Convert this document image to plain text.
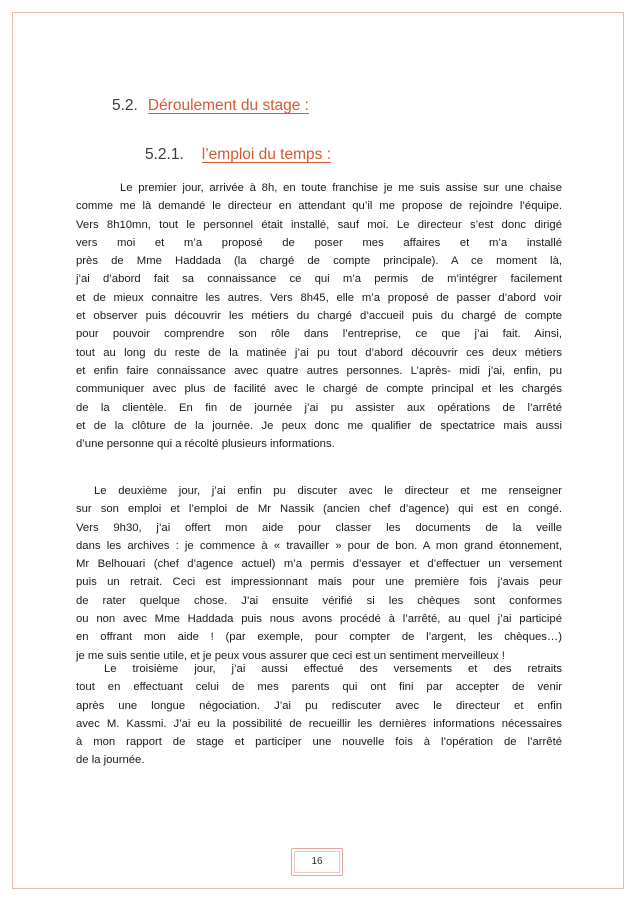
5.2. Déroulement du stage :
5.2.1. l’emploi du temps :
Le premier jour, arrivée à 8h, en toute franchise je me suis assise sur une chaise
comme me là demandé le directeur en attendant qu’il me propose de rejoindre l’équipe.
Vers 8h10mn, tout le personnel était installé, sauf moi. Le directeur s’est donc dirigé
vers moi et m’a proposé de poser mes affaires et m’a installé
près de Mme Haddada (la chargé de compte principale). A ce moment là,
j’ai d’abord fait sa connaissance ce qui m’a permis de m’intégrer facilement
et de mieux connaitre les autres. Vers 8h45, elle m’a proposé de passer d’abord voir
et observer puis découvrir les métiers du chargé d’accueil puis du chargé de compte
pour pouvoir comprendre son rôle dans l’entreprise, ce que j’ai fait. Ainsi,
tout au long du reste de la matinée j’ai pu tout d’abord découvrir ces deux métiers
et enfin faire connaissance avec quatre autres personnes. L’après- midi j’ai, enfin, pu
communiquer avec plus de facilité avec le chargé de compte principal et les chargés
de la clientèle. En fin de journée j’ai pu assister aux opérations de l’arrêté
et de la clôture de la journée. Je peux donc me qualifier de spectatrice mais aussi
d’une personne qui a récolté plusieurs informations.
Le deuxième jour, j’ai enfin pu discuter avec le directeur et me renseigner
sur son emploi et l’emploi de Mr Nassik (ancien chef d’agence) qui est en congé.
Vers 9h30, j’ai offert mon aide pour classer les documents de la veille
dans les archives : je commence à « travailler » pour de bon. A mon grand étonnement,
Mr Belhouari (chef d’agence actuel) m’a permis d’essayer et d’effectuer un versement
puis un retrait. Ceci est impressionnant mais pour une première fois j’avais peur
de rater quelque chose. J’ai ensuite vérifié si les chèques sont conformes
ou non avec Mme Haddada puis nous avons procédé à l’arrêté, au quel j’ai participé
en offrant mon aide ! (par exemple, pour compter de l’argent, les chèques…)
je me suis sentie utile, et je peux vous assurer que ceci est un sentiment merveilleux !
Le troisième jour, j’ai aussi effectué des versements et des retraits
tout en effectuant celui de mes parents qui ont fini par accepter de venir
après une longue négociation. J’ai pu rediscuter avec le directeur et enfin
avec M. Kassmi. J’ai eu la possibilité de recueillir les dernières informations nécessaires
à mon rapport de stage et participer une nouvelle fois à l’opération de l’arrêté
de la journée.
16
